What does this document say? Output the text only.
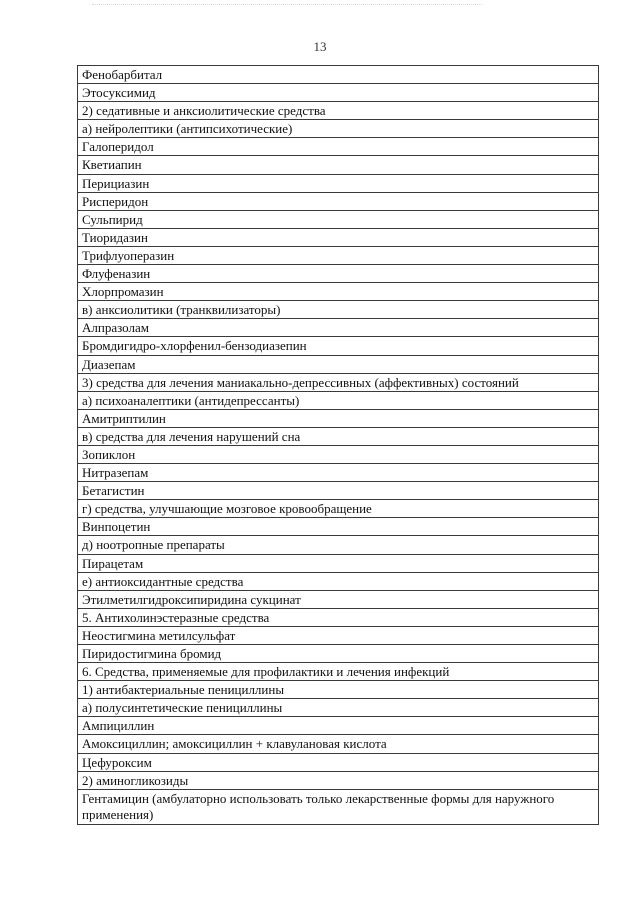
13
Фенобарбитал
Этосуксимид
2) седативные и анксиолитические средства
а) нейролептики (антипсихотические)
Галоперидол
Кветиапин
Перициазин
Рисперидон
Сульпирид
Тиоридазин
Трифлуоперазин
Флуфеназин
Хлорпромазин
в) анксиолитики (транквилизаторы)
Алпразолам
Бромдигидро-хлорфенил-бензодиазепин
Диазепам
3) средства для лечения маниакально-депрессивных (аффективных) состояний
а) психоаналептики (антидепрессанты)
Амитриптилин
в) средства для лечения нарушений сна
Зопиклон
Нитразепам
Бетагистин
г) средства, улучшающие мозговое кровообращение
Винпоцетин
д) ноотропные препараты
Пирацетам
е) антиоксидантные средства
Этилметилгидроксипиридина сукцинат
5. Антихолинэстеразные средства
Неостигмина метилсульфат
Пиридостигмина бромид
6. Средства, применяемые для профилактики и лечения инфекций
1) антибактериальные пенициллины
а) полусинтетические пенициллины
Ампициллин
Амоксициллин; амоксициллин + клавулановая кислота
Цефуроксим
2) аминогликозиды
Гентамицин (амбулаторно использовать только лекарственные формы для наружного применения)
